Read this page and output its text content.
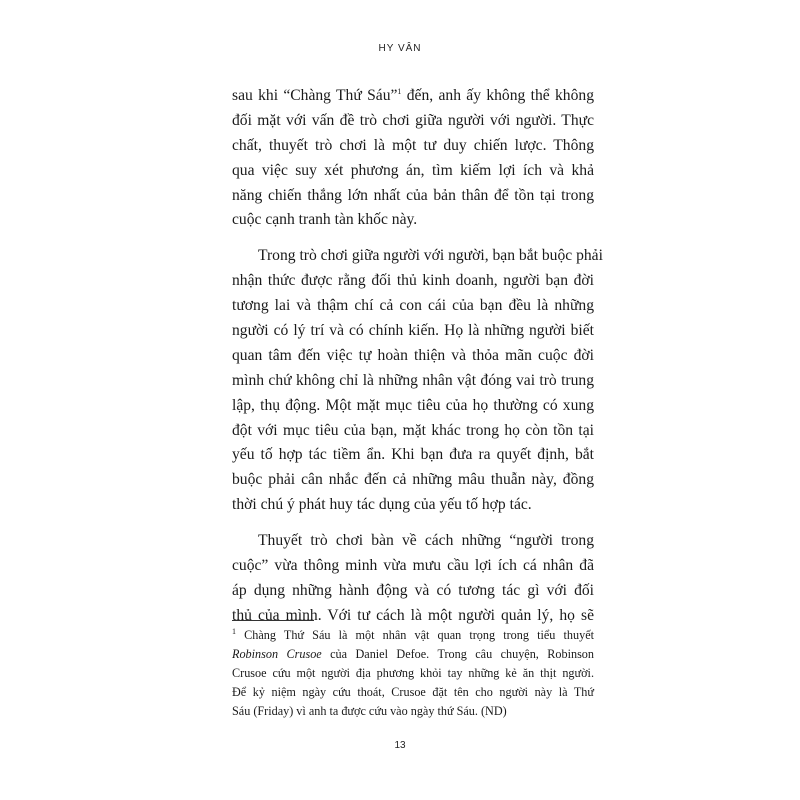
HY VÂN
sau khi “Chàng Thứ Sáu”$^1$ đến, anh ấy không thể không
đối mặt với vấn đề trò chơi giữa người với người. Thực
chất, thuyết trò chơi là một tư duy chiến lược. Thông
qua việc suy xét phương án, tìm kiếm lợi ích và khả
năng chiến thắng lớn nhất của bản thân để tồn tại trong
cuộc cạnh tranh tàn khốc này.
Trong trò chơi giữa người với người, bạn bắt buộc phải
nhận thức được rằng đối thủ kinh doanh, người bạn đời
tương lai và thậm chí cả con cái của bạn đều là những
người có lý trí và có chính kiến. Họ là những người biết
quan tâm đến việc tự hoàn thiện và thỏa mãn cuộc đời
mình chứ không chỉ là những nhân vật đóng vai trò trung
lập, thụ động. Một mặt mục tiêu của họ thường có xung
đột với mục tiêu của bạn, mặt khác trong họ còn tồn tại
yếu tố hợp tác tiềm ẩn. Khi bạn đưa ra quyết định, bắt
buộc phải cân nhắc đến cả những mâu thuẫn này, đồng
thời chú ý phát huy tác dụng của yếu tố hợp tác.
Thuyết trò chơi bàn về cách những “người trong
cuộc” vừa thông minh vừa mưu cầu lợi ích cá nhân đã
áp dụng những hành động và có tương tác gì với đối
thủ của mình. Với tư cách là một người quản lý, họ sẽ
$^1$ Chàng Thứ Sáu là một nhân vật quan trọng trong tiểu thuyết
Robinson Crusoe của Daniel Defoe. Trong câu chuyện, Robinson
Crusoe cứu một người địa phương khỏi tay những kẻ ăn thịt người.
Để kỷ niệm ngày cứu thoát, Crusoe đặt tên cho người này là Thứ
Sáu (Friday) vì anh ta được cứu vào ngày thứ Sáu. (ND)
13
